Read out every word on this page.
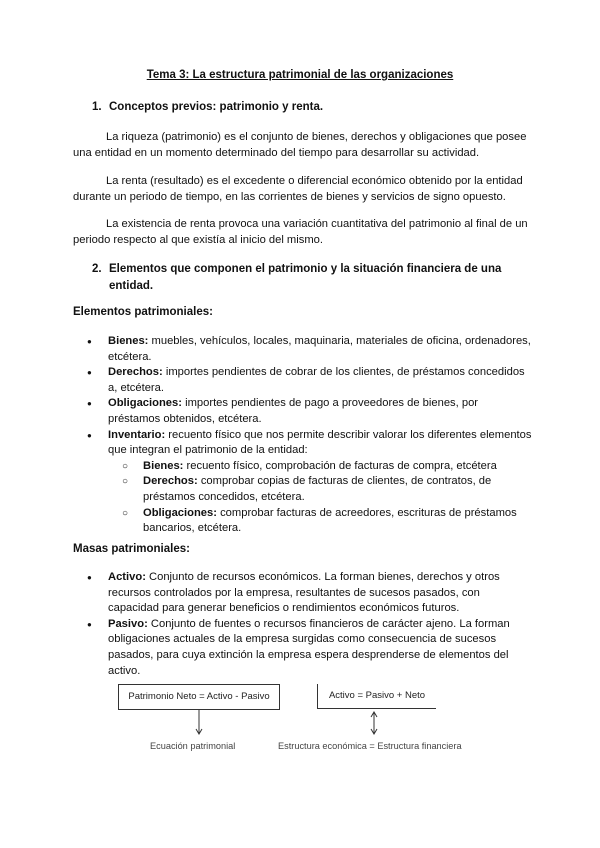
Tema 3: La estructura patrimonial de las organizaciones
1. Conceptos previos: patrimonio y renta.
La riqueza (patrimonio) es el conjunto de bienes, derechos y obligaciones que posee una entidad en un momento determinado del tiempo para desarrollar su actividad.
La renta (resultado) es el excedente o diferencial económico obtenido por la entidad durante un periodo de tiempo, en las corrientes de bienes y servicios de signo opuesto.
La existencia de renta provoca una variación cuantitativa del patrimonio al final de un periodo respecto al que existía al inicio del mismo.
2. Elementos que componen el patrimonio y la situación financiera de una
entidad.
Elementos patrimoniales:
● Bienes: muebles, vehículos, locales, maquinaria, materiales de oficina, ordenadores, etcétera.
● Derechos: importes pendientes de cobrar de los clientes, de préstamos concedidos a, etcétera.
● Obligaciones: importes pendientes de pago a proveedores de bienes, por préstamos obtenidos, etcétera.
● Inventario: recuento físico que nos permite describir valorar los diferentes elementos que integran el patrimonio de la entidad:
○ Bienes: recuento físico, comprobación de facturas de compra, etcétera
○ Derechos: comprobar copias de facturas de clientes, de contratos, de préstamos concedidos, etcétera.
○ Obligaciones: comprobar facturas de acreedores, escrituras de préstamos bancarios, etcétera.
Masas patrimoniales:
● Activo: Conjunto de recursos económicos. La forman bienes, derechos y otros recursos controlados por la empresa, resultantes de sucesos pasados, con capacidad para generar beneficios o rendimientos económicos futuros.
● Pasivo: Conjunto de fuentes o recursos financieros de carácter ajeno. La forman obligaciones actuales de la empresa surgidas como consecuencia de sucesos pasados, para cuya extinción la empresa espera desprenderse de elementos del activo.
Patrimonio Neto = Activo - Pasivo	Activo = Pasivo + Neto
Ecuación patrimonial	Estructura económica = Estructura financiera
